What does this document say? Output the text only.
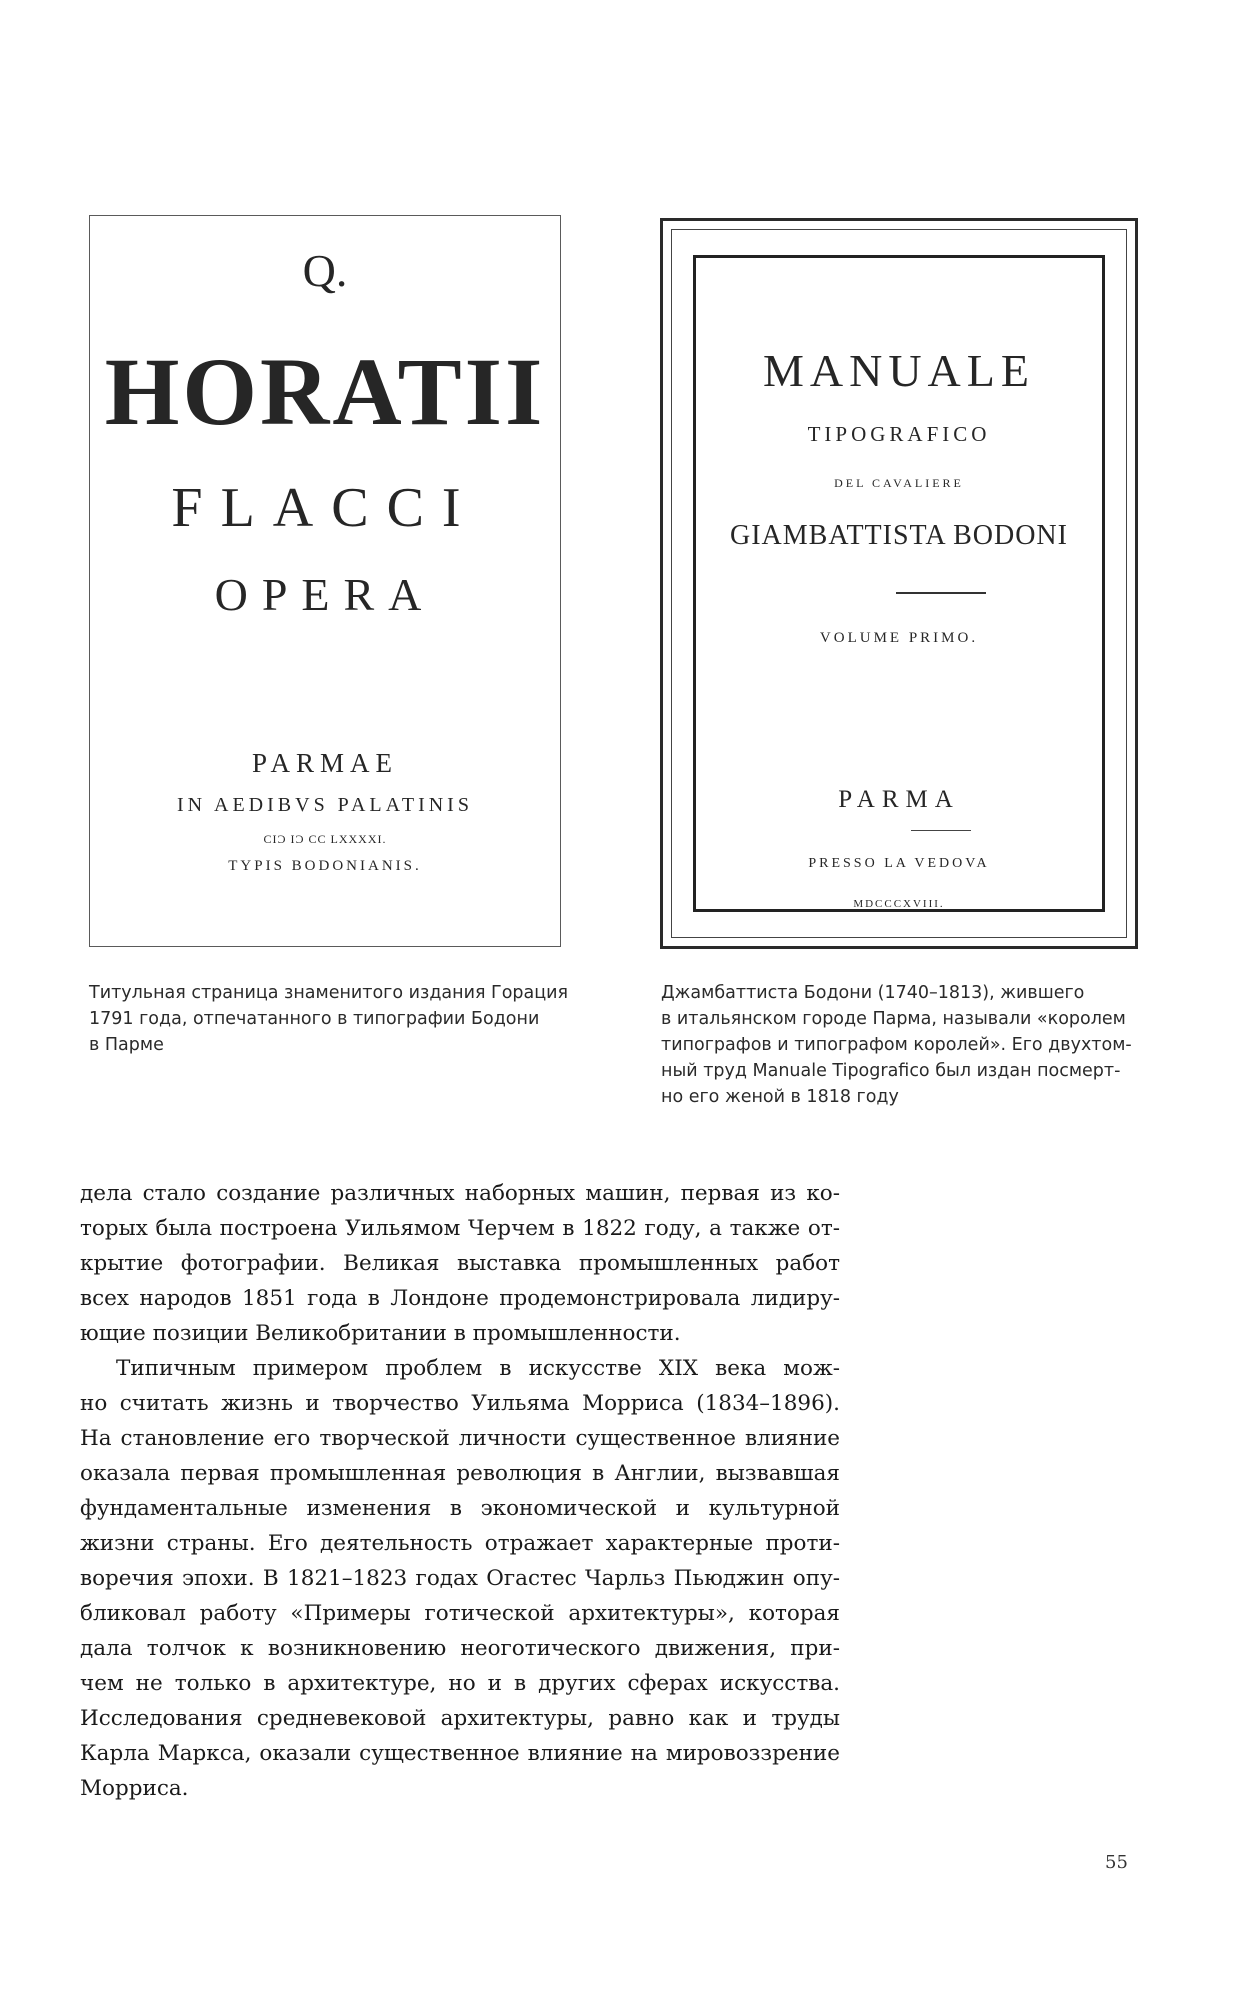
Q.
HORATII
FLACCI
OPERA
PARMAE
IN AEDIBVS PALATINIS
CIƆ IƆ CC LXXXXI.
TYPIS BODONIANIS.
MANUALE
TIPOGRAFICO
DEL CAVALIERE
GIAMBATTISTA BODONI
VOLUME PRIMO.
PARMA
PRESSO LA VEDOVA
MDCCCXVIII.
Титульная страница знаменитого издания Горация
1791 года, отпечатанного в типографии Бодони
в Парме
Джамбаттиста Бодони (1740–1813), жившего
в итальянском городе Парма, называли «королем
типографов и типографом королей». Его двухтом-
ный труд Manuale Tipografico был издан посмерт-
но его женой в 1818 году
дела стало создание различных наборных машин, первая из ко-
торых была построена Уильямом Черчем в 1822 году, а также от-
крытие фотографии. Великая выставка промышленных работ
всех народов 1851 года в Лондоне продемонстрировала лидиру-
ющие позиции Великобритании в промышленности.
Типичным примером проблем в искусстве XIX века мож-
но считать жизнь и творчество Уильяма Морриса (1834–1896).
На становление его творческой личности существенное влияние
оказала первая промышленная революция в Англии, вызвавшая
фундаментальные изменения в экономической и культурной
жизни страны. Его деятельность отражает характерные проти-
воречия эпохи. В 1821–1823 годах Огастес Чарльз Пьюджин опу-
бликовал работу «Примеры готической архитектуры», которая
дала толчок к возникновению неоготического движения, при-
чем не только в архитектуре, но и в других сферах искусства.
Исследования средневековой архитектуры, равно как и труды
Карла Маркса, оказали существенное влияние на мировоззрение
Морриса.
55
